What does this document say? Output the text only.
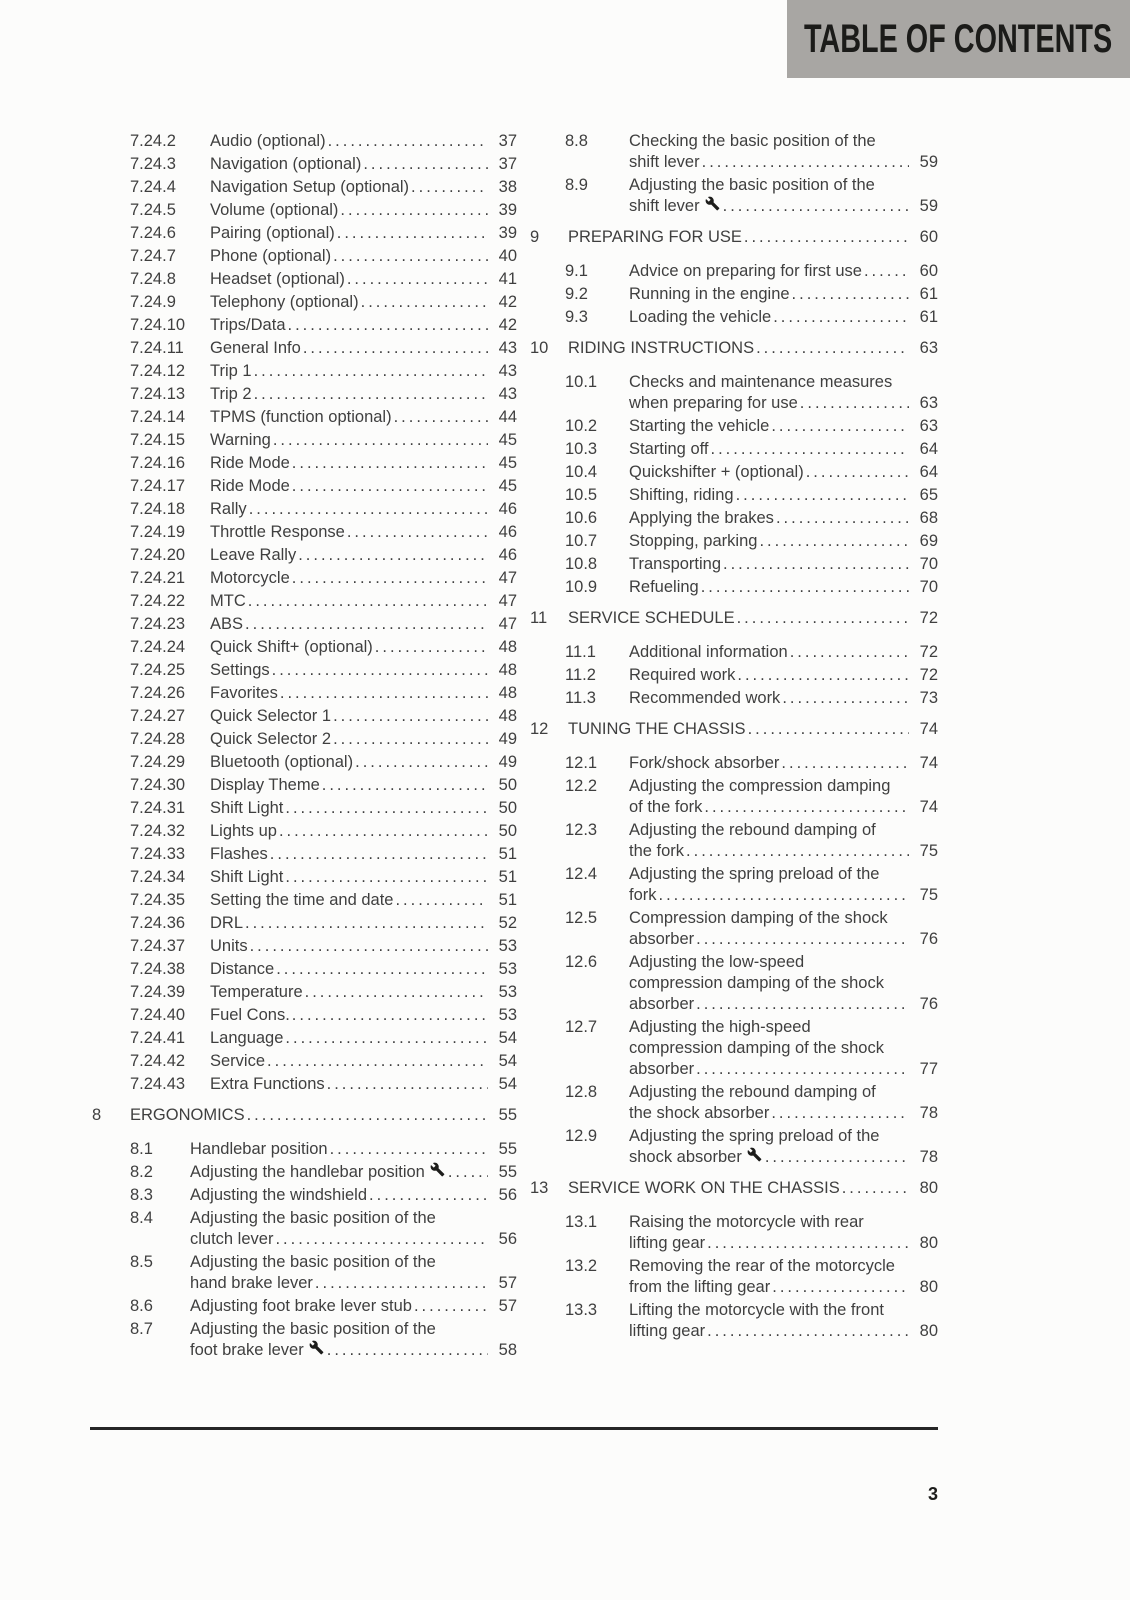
TABLE OF CONTENTS
7.24.2	Audio (optional) .....	37
7.24.3	Navigation (optional) .....	37
7.24.4	Navigation Setup (optional) .....	38
7.24.5	Volume (optional) .....	39
7.24.6	Pairing (optional) .....	39
7.24.7	Phone (optional) .....	40
7.24.8	Headset (optional) .....	41
7.24.9	Telephony (optional) .....	42
7.24.10	Trips/Data .....	42
7.24.11	General Info .....	43
7.24.12	Trip 1 .....	43
7.24.13	Trip 2 .....	43
7.24.14	TPMS (function optional) .....	44
7.24.15	Warning .....	45
7.24.16	Ride Mode .....	45
7.24.17	Ride Mode .....	45
7.24.18	Rally .....	46
7.24.19	Throttle Response .....	46
7.24.20	Leave Rally .....	46
7.24.21	Motorcycle .....	47
7.24.22	MTC .....	47
7.24.23	ABS .....	47
7.24.24	Quick Shift+ (optional) .....	48
7.24.25	Settings .....	48
7.24.26	Favorites .....	48
7.24.27	Quick Selector 1 .....	48
7.24.28	Quick Selector 2 .....	49
7.24.29	Bluetooth (optional) .....	49
7.24.30	Display Theme .....	50
7.24.31	Shift Light .....	50
7.24.32	Lights up .....	50
7.24.33	Flashes .....	51
7.24.34	Shift Light .....	51
7.24.35	Setting the time and date .....	51
7.24.36	DRL .....	52
7.24.37	Units .....	53
7.24.38	Distance .....	53
7.24.39	Temperature .....	53
7.24.40	Fuel Cons. .....	53
7.24.41	Language .....	54
7.24.42	Service .....	54
7.24.43	Extra Functions .....	54
8	ERGONOMICS .....	55
8.1	Handlebar position .....	55
8.2	Adjusting the handlebar position .....	55
8.3	Adjusting the windshield .....	56
8.4	Adjusting the basic position of the
clutch lever .....	56
8.5	Adjusting the basic position of the
hand brake lever .....	57
8.6	Adjusting foot brake lever stub .....	57
8.7	Adjusting the basic position of the
foot brake lever .....	58
8.8	Checking the basic position of the
shift lever .....	59
8.9	Adjusting the basic position of the
shift lever .....	59
9	PREPARING FOR USE .....	60
9.1	Advice on preparing for first use .....	60
9.2	Running in the engine .....	61
9.3	Loading the vehicle .....	61
10	RIDING INSTRUCTIONS .....	63
10.1	Checks and maintenance measures
when preparing for use .....	63
10.2	Starting the vehicle .....	63
10.3	Starting off .....	64
10.4	Quickshifter + (optional) .....	64
10.5	Shifting, riding .....	65
10.6	Applying the brakes .....	68
10.7	Stopping, parking .....	69
10.8	Transporting .....	70
10.9	Refueling .....	70
11	SERVICE SCHEDULE .....	72
11.1	Additional information .....	72
11.2	Required work .....	72
11.3	Recommended work .....	73
12	TUNING THE CHASSIS .....	74
12.1	Fork/shock absorber .....	74
12.2	Adjusting the compression damping
of the fork .....	74
12.3	Adjusting the rebound damping of
the fork .....	75
12.4	Adjusting the spring preload of the
fork .....	75
12.5	Compression damping of the shock
absorber .....	76
12.6	Adjusting the low-speed
compression damping of the shock
absorber .....	76
12.7	Adjusting the high-speed
compression damping of the shock
absorber .....	77
12.8	Adjusting the rebound damping of
the shock absorber .....	78
12.9	Adjusting the spring preload of the
shock absorber .....	78
13	SERVICE WORK ON THE CHASSIS .....	80
13.1	Raising the motorcycle with rear
lifting gear .....	80
13.2	Removing the rear of the motorcycle
from the lifting gear .....	80
13.3	Lifting the motorcycle with the front
lifting gear .....	80
3
